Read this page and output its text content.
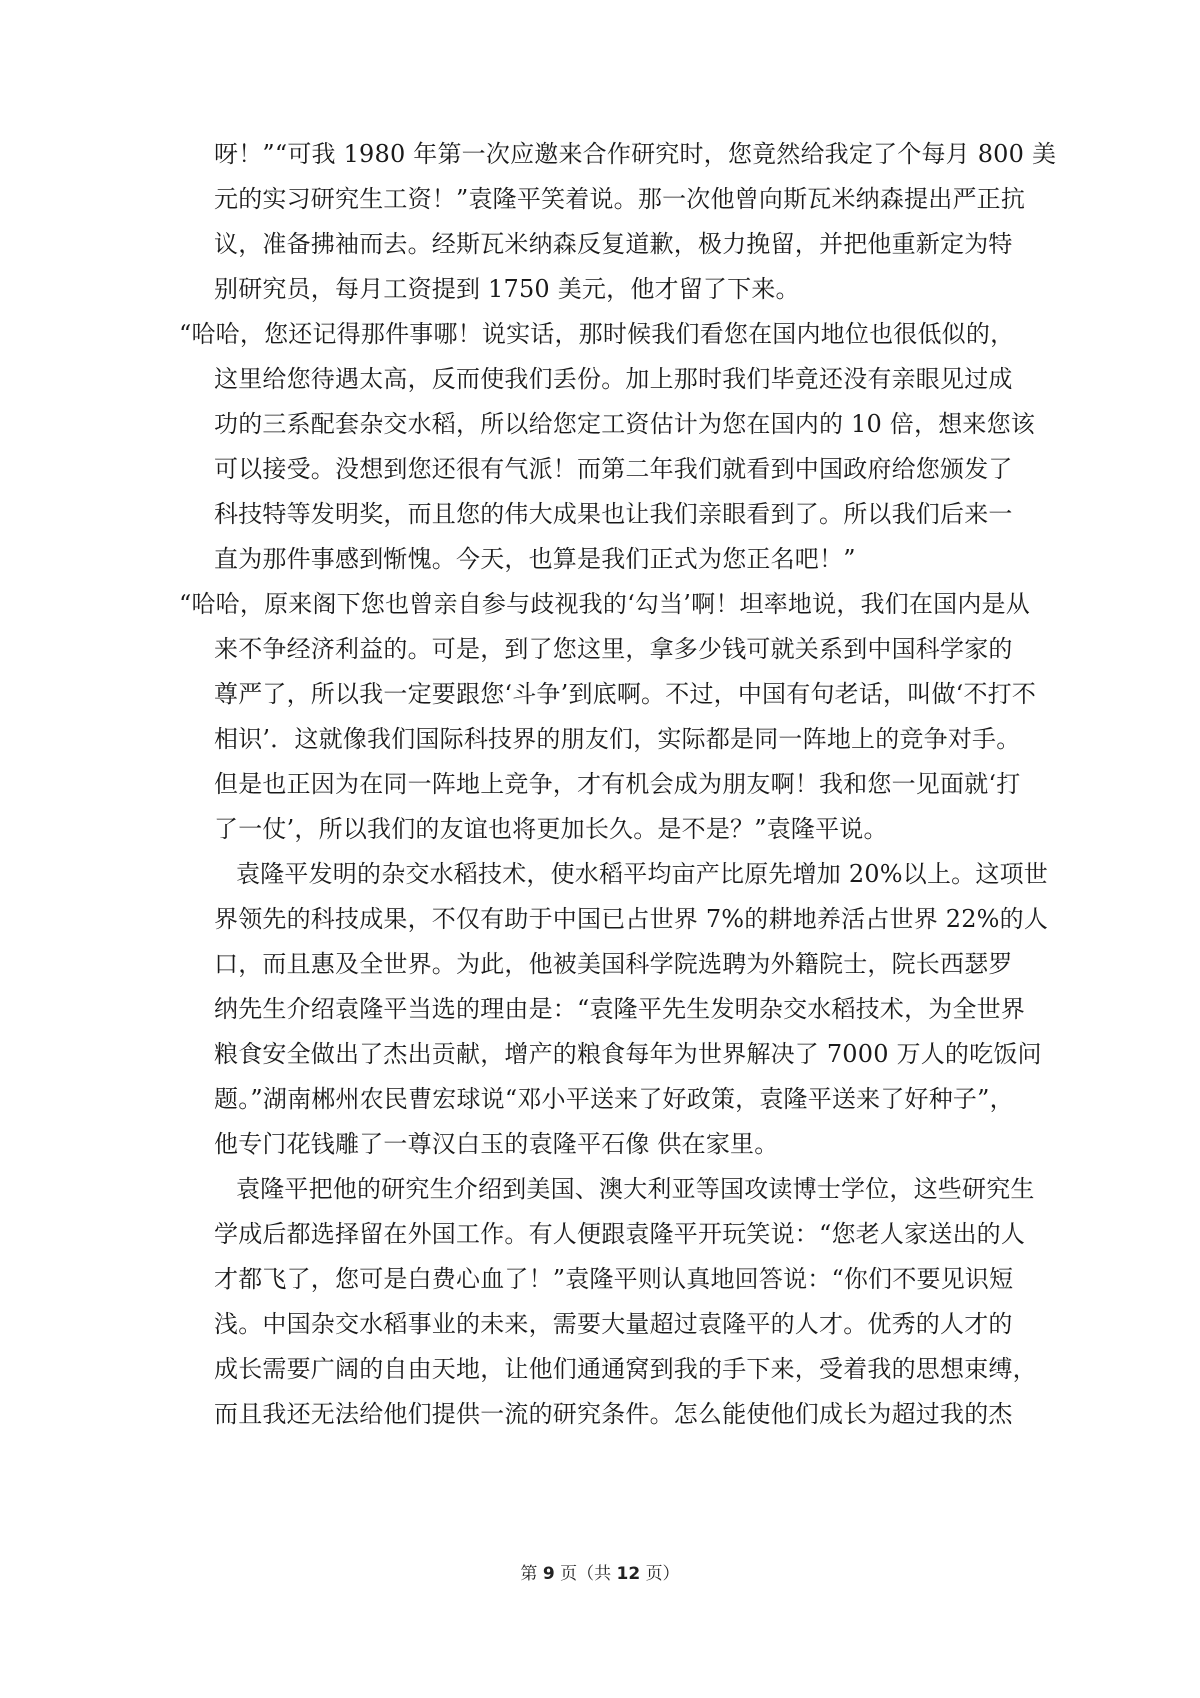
呀！”“可我 1980 年第一次应邀来合作研究时，您竟然给我定了个每月 800 美
元的实习研究生工资！”袁隆平笑着说。那一次他曾向斯瓦米纳森提出严正抗
议，准备拂袖而去。经斯瓦米纳森反复道歉，极力挽留，并把他重新定为特
别研究员，每月工资提到 1750 美元，他才留了下来。
“哈哈，您还记得那件事哪！说实话，那时候我们看您在国内地位也很低似的，
这里给您待遇太高，反而使我们丢份。加上那时我们毕竟还没有亲眼见过成
功的三系配套杂交水稻，所以给您定工资估计为您在国内的 10 倍，想来您该
可以接受。没想到您还很有气派！而第二年我们就看到中国政府给您颁发了
科技特等发明奖，而且您的伟大成果也让我们亲眼看到了。所以我们后来一
直为那件事感到惭愧。今天，也算是我们正式为您正名吧！”
“哈哈，原来阁下您也曾亲自参与歧视我的‘勾当’啊！坦率地说，我们在国内是从
来不争经济利益的。可是，到了您这里，拿多少钱可就关系到中国科学家的
尊严了，所以我一定要跟您‘斗争’到底啊。不过，中国有句老话，叫做‘不打不
相识’．这就像我们国际科技界的朋友们，实际都是同一阵地上的竞争对手。
但是也正因为在同一阵地上竞争，才有机会成为朋友啊！我和您一见面就‘打
了一仗’，所以我们的友谊也将更加长久。是不是？”袁隆平说。
袁隆平发明的杂交水稻技术，使水稻平均亩产比原先增加 20%以上。这项世
界领先的科技成果，不仅有助于中国已占世界 7%的耕地养活占世界 22%的人
口，而且惠及全世界。为此，他被美国科学院选聘为外籍院士，院长西瑟罗
纳先生介绍袁隆平当选的理由是：“袁隆平先生发明杂交水稻技术，为全世界
粮食安全做出了杰出贡献，增产的粮食每年为世界解决了 7000 万人的吃饭问
题。”湖南郴州农民曹宏球说“邓小平送来了好政策，袁隆平送来了好种子”，
他专门花钱雕了一尊汉白玉的袁隆平石像 供在家里。
袁隆平把他的研究生介绍到美国、澳大利亚等国攻读博士学位，这些研究生
学成后都选择留在外国工作。有人便跟袁隆平开玩笑说：“您老人家送出的人
才都飞了，您可是白费心血了！”袁隆平则认真地回答说：“你们不要见识短
浅。中国杂交水稻事业的未来，需要大量超过袁隆平的人才。优秀的人才的
成长需要广阔的自由天地，让他们通通窝到我的手下来，受着我的思想束缚，
而且我还无法给他们提供一流的研究条件。怎么能使他们成长为超过我的杰
第 9 页（共 12 页）
